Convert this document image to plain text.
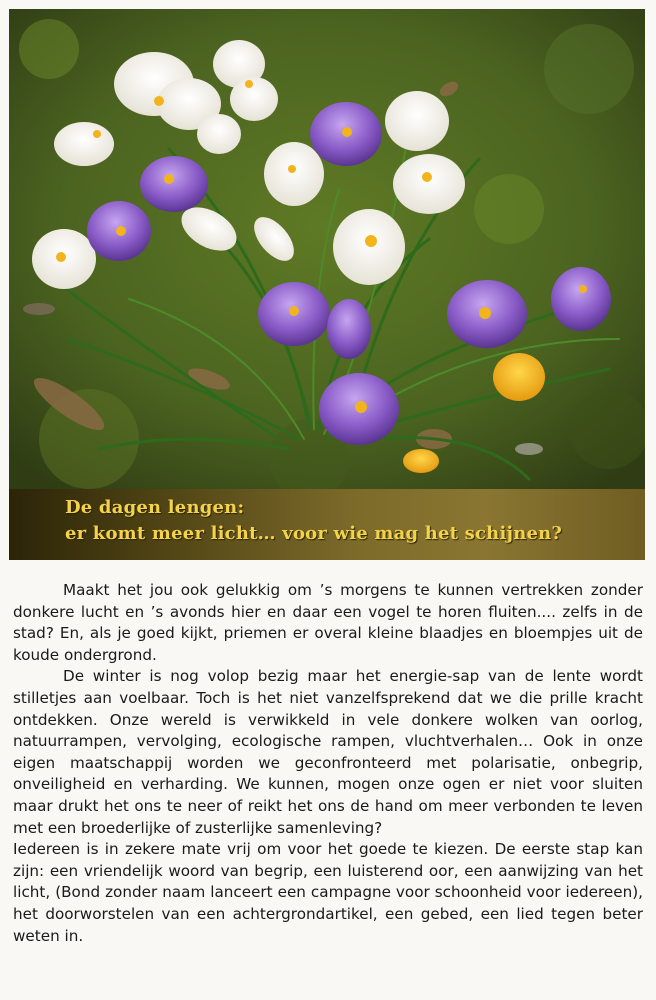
De dagen lengen:
er komt meer licht… voor wie mag het schijnen?

Maakt het jou ook gelukkig om ’s morgens te kunnen vertrekken zonder donkere lucht en ’s avonds hier en daar een vogel te horen fluiten.... zelfs in de stad? En, als je goed kijkt, priemen er overal kleine blaadjes en bloempjes uit de koude ondergrond.

De winter is nog volop bezig maar het energie-sap van de lente wordt stilletjes aan voelbaar. Toch is het niet vanzelfsprekend dat we die prille kracht ontdekken. Onze wereld is verwikkeld in vele donkere wolken van oorlog, natuurrampen, vervolging, ecologische rampen, vluchtverhalen… Ook in onze eigen maatschappij worden we geconfronteerd met polarisatie, onbegrip, onveiligheid en verharding. We kunnen, mogen onze ogen er niet voor sluiten maar drukt het ons te neer of reikt het ons de hand om meer verbonden te leven met een broederlijke of zusterlijke samenleving?

Iedereen is in zekere mate vrij om voor het goede te kiezen. De eerste stap kan zijn: een vriendelijk woord van begrip, een luisterend oor, een aanwijzing van het licht, (Bond zonder naam lanceert een campagne voor schoonheid voor iedereen), het doorworstelen van een achtergrondartikel, een gebed, een lied tegen beter weten in.
